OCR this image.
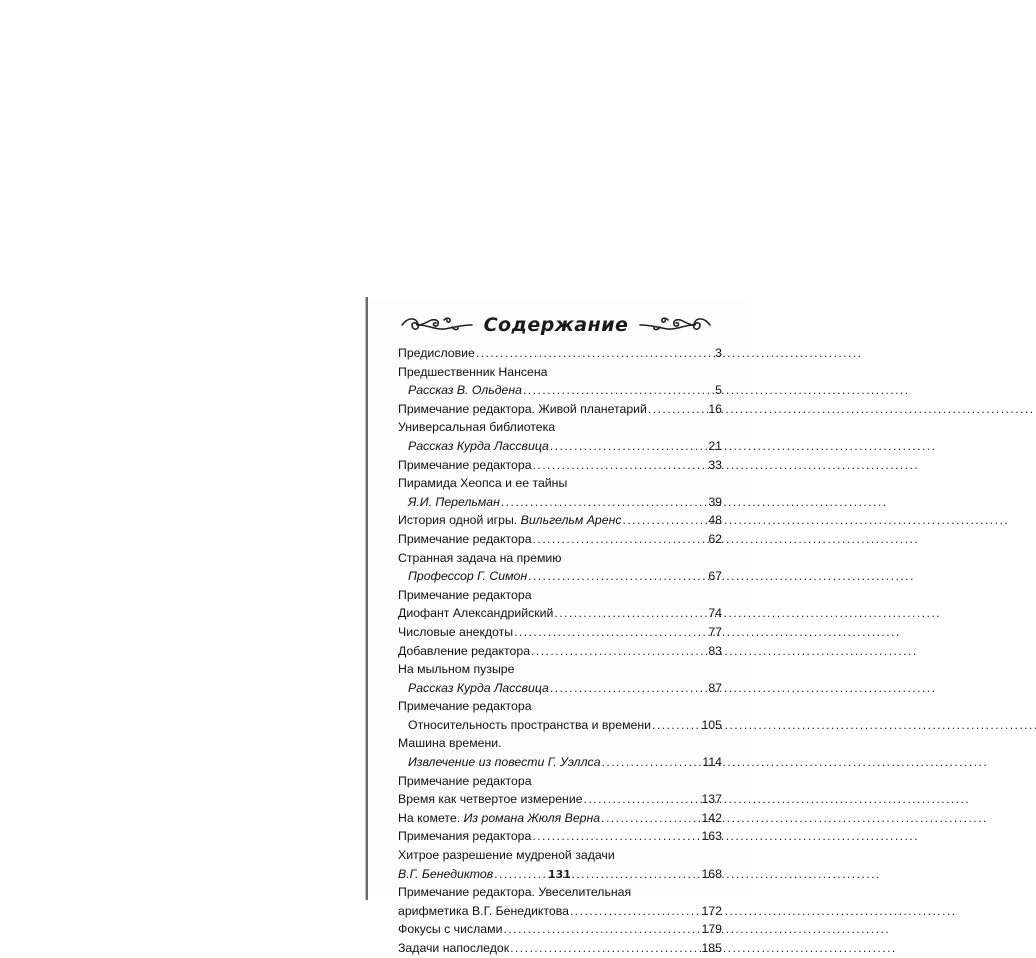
Содержание
Предисловие . . .	3
Предшественник Нансена
Рассказ В. Ольдена . . .	5
Примечание редактора. Живой планетарий . . .	16
Универсальная библиотека
Рассказ Курда Лассвица . . .	21
Примечание редактора . . .	33
Пирамида Хеопса и ее тайны
Я.И. Перельман . . .	39
История одной игры. Вильгельм Аренс . . .	48
Примечание редактора . . .	62
Странная задача на премию
Профессор Г. Симон . . .	67
Примечание редактора
Диофант Александрийский . . .	74
Числовые анекдоты . . .	77
Добавление редактора . . .	83
На мыльном пузыре
Рассказ Курда Лассвица . . .	87
Примечание редактора
Относительность пространства и времени . . .	105
Машина времени.
Извлечение из повести Г. Уэллса . . .	114
Примечание редактора
Время как четвертое измерение . . .	137
На комете. Из романа Жюля Верна . . .	142
Примечания редактора . . .	163
Хитрое разрешение мудреной задачи
В.Г. Бенедиктов . . .	168
Примечание редактора. Увеселительная
арифметика В.Г. Бенедиктова . . .	172
Фокусы с числами . . .	179
Задачи напоследок . . .	185
131
